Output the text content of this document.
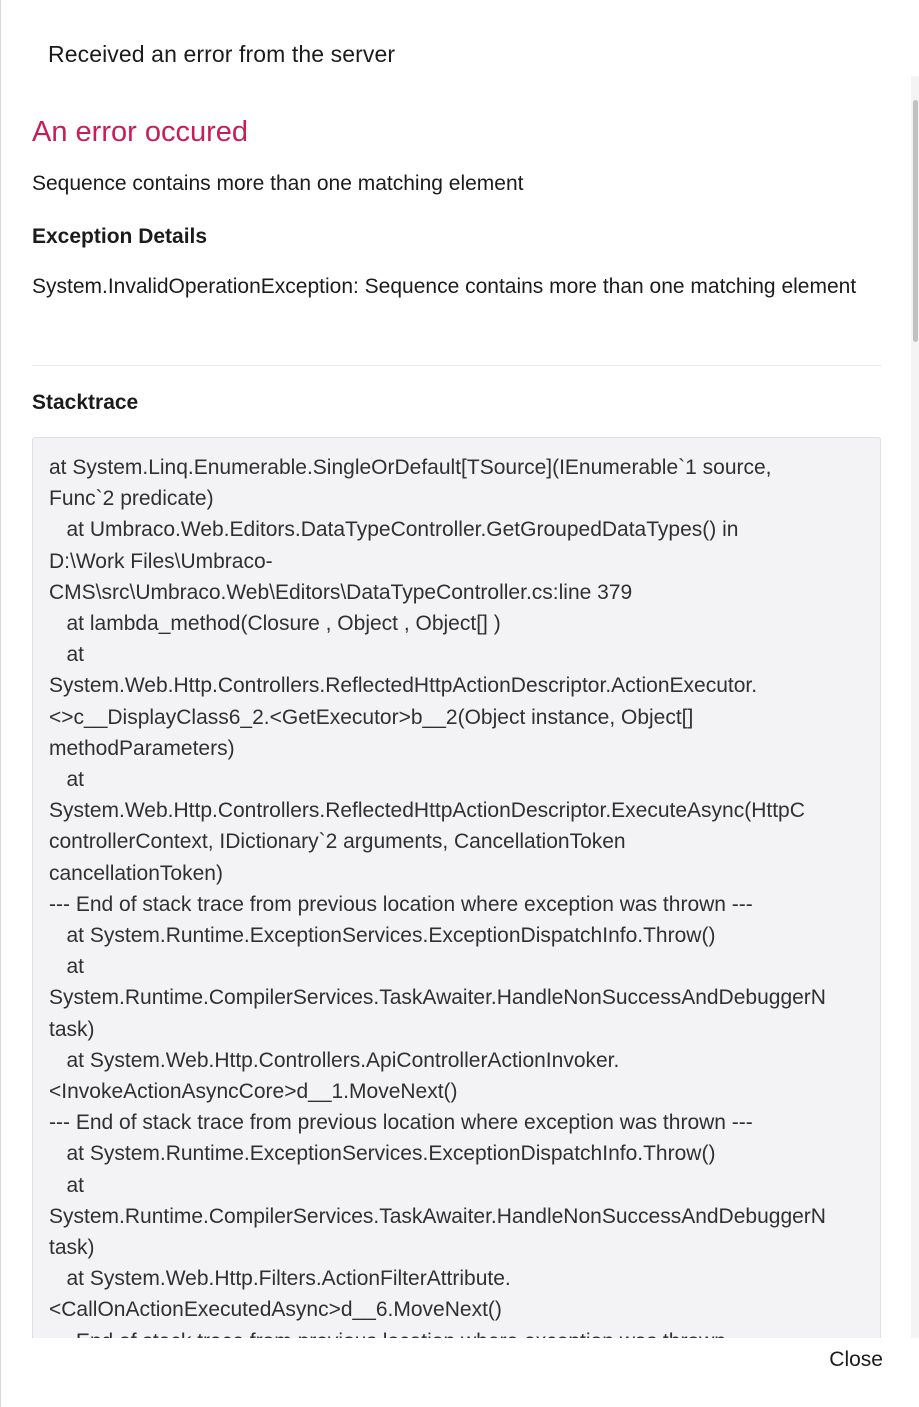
Received an error from the server
An error occured
Sequence contains more than one matching element
Exception Details
System.InvalidOperationException: Sequence contains more than one matching element
Stacktrace
at System.Linq.Enumerable.SingleOrDefault[TSource](IEnumerable`1 source,
Func`2 predicate)
at Umbraco.Web.Editors.DataTypeController.GetGroupedDataTypes() in
D:\Work Files\Umbraco-
CMS\src\Umbraco.Web\Editors\DataTypeController.cs:line 379
at lambda_method(Closure , Object , Object[] )
at
System.Web.Http.Controllers.ReflectedHttpActionDescriptor.ActionExecutor.
<>c__DisplayClass6_2.<GetExecutor>b__2(Object instance, Object[]
methodParameters)
at
System.Web.Http.Controllers.ReflectedHttpActionDescriptor.ExecuteAsync(HttpC
controllerContext, IDictionary`2 arguments, CancellationToken
cancellationToken)
--- End of stack trace from previous location where exception was thrown ---
at System.Runtime.ExceptionServices.ExceptionDispatchInfo.Throw()
at
System.Runtime.CompilerServices.TaskAwaiter.HandleNonSuccessAndDebuggerN
task)
at System.Web.Http.Controllers.ApiControllerActionInvoker.
<InvokeActionAsyncCore>d__1.MoveNext()
--- End of stack trace from previous location where exception was thrown ---
at System.Runtime.ExceptionServices.ExceptionDispatchInfo.Throw()
at
System.Runtime.CompilerServices.TaskAwaiter.HandleNonSuccessAndDebuggerN
task)
at System.Web.Http.Filters.ActionFilterAttribute.
<CallOnActionExecutedAsync>d__6.MoveNext()

Close
